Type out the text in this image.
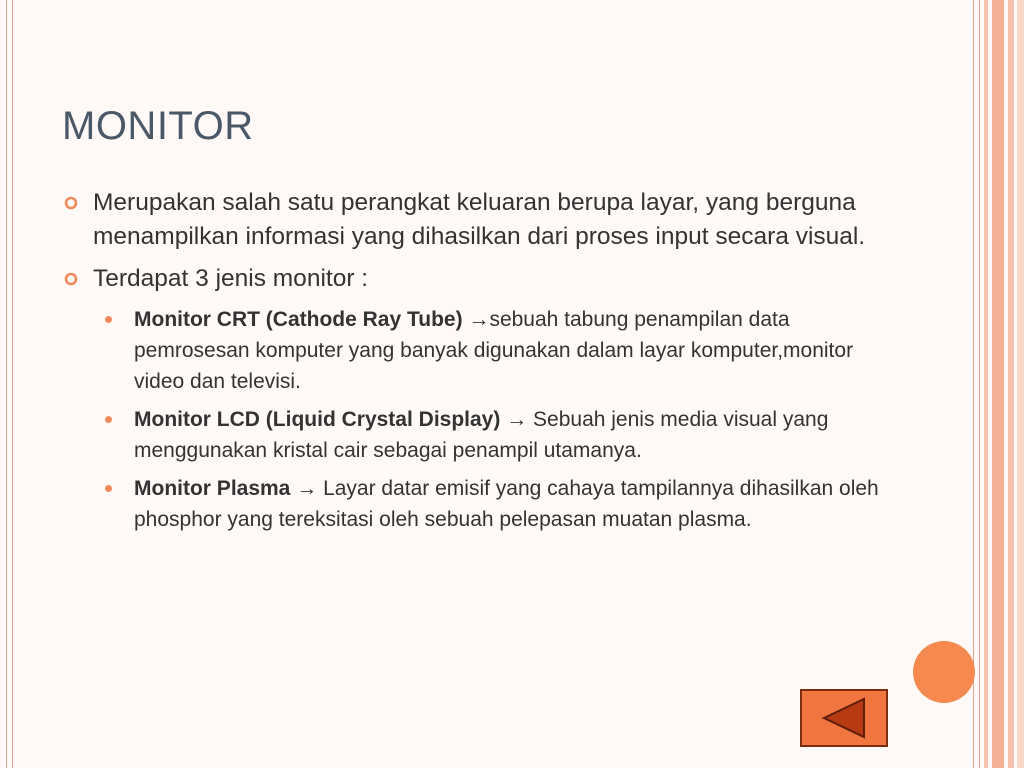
MONITOR
Merupakan salah satu perangkat keluaran berupa layar, yang berguna menampilkan informasi yang dihasilkan dari proses input secara visual.
Terdapat 3 jenis monitor :
Monitor CRT (Cathode Ray Tube) →sebuah tabung penampilan data pemrosesan komputer yang banyak digunakan dalam layar komputer,monitor video dan televisi.
Monitor LCD (Liquid Crystal Display) → Sebuah jenis media visual yang menggunakan kristal cair sebagai penampil utamanya.
Monitor Plasma → Layar datar emisif yang cahaya tampilannya dihasilkan oleh phosphor yang tereksitasi oleh sebuah pelepasan muatan plasma.
